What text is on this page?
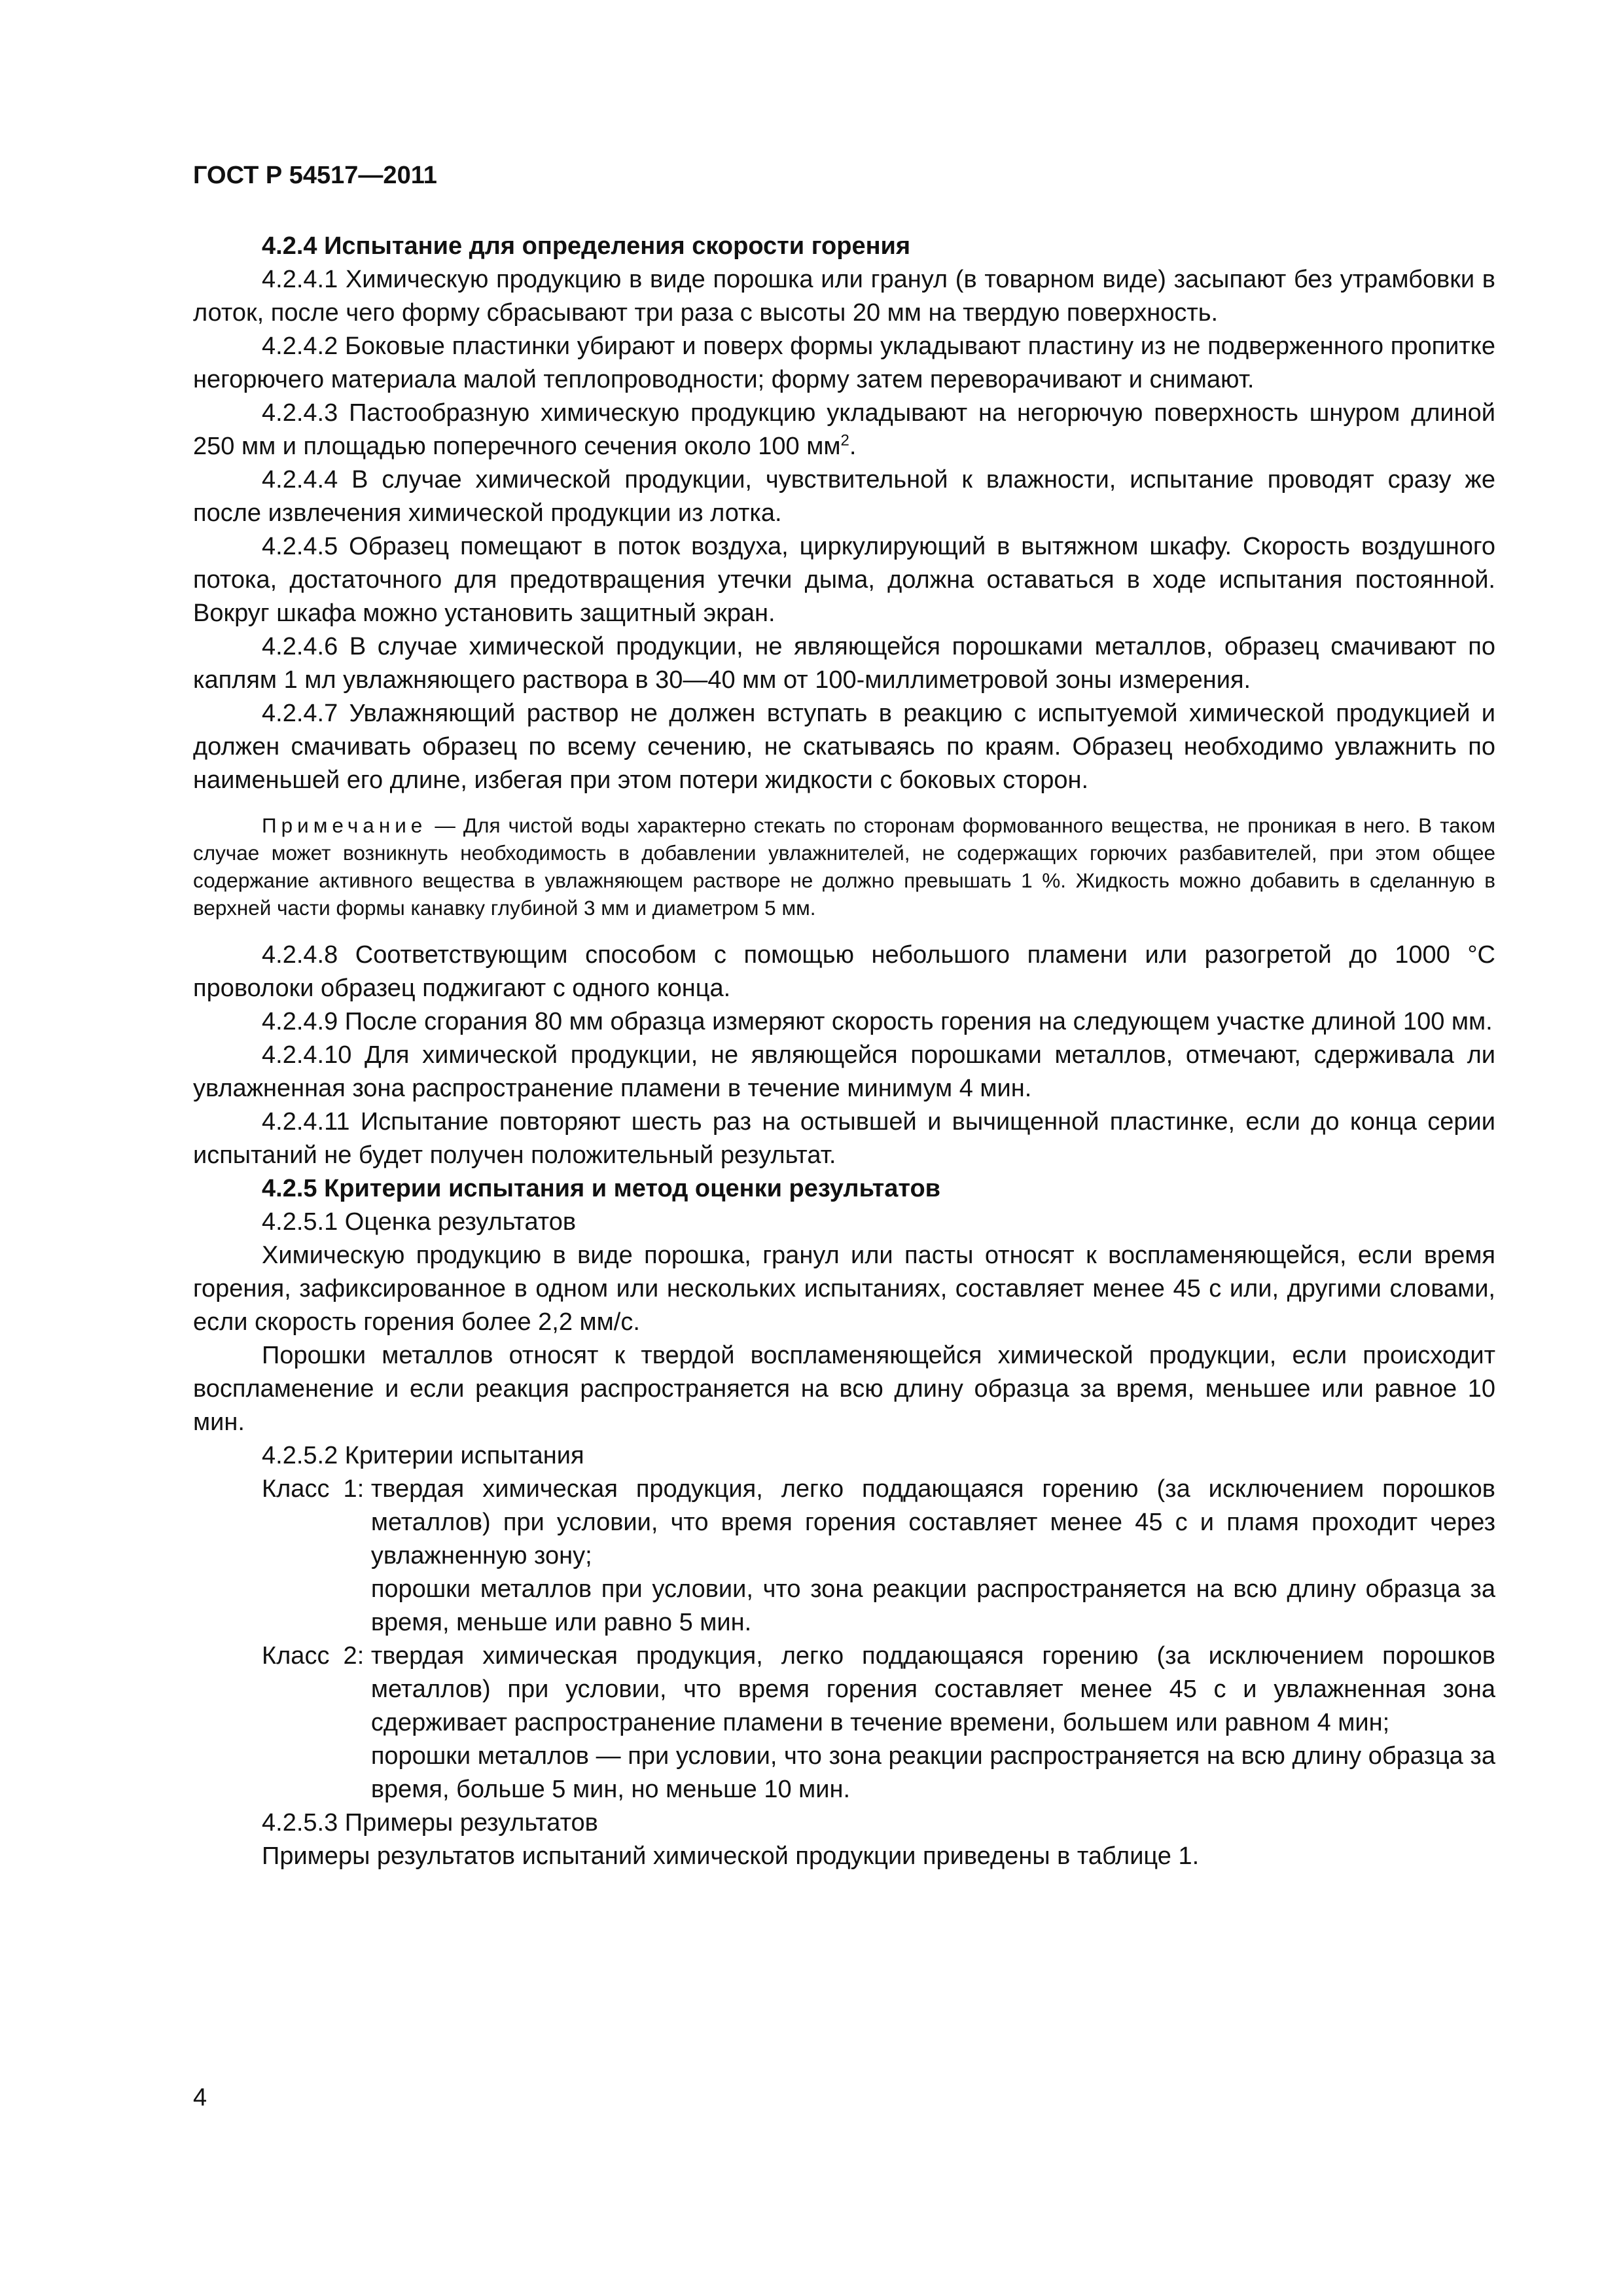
ГОСТ Р 54517—2011

4.2.4 Испытание для определения скорости горения

4.2.4.1 Химическую продукцию в виде порошка или гранул (в товарном виде) засыпают без утрамбовки в лоток, после чего форму сбрасывают три раза с высоты 20 мм на твердую поверхность.

4.2.4.2 Боковые пластинки убирают и поверх формы укладывают пластину из не подверженного пропитке негорючего материала малой теплопроводности; форму затем переворачивают и снимают.

4.2.4.3 Пастообразную химическую продукцию укладывают на негорючую поверхность шнуром длиной 250 мм и площадью поперечного сечения около 100 $мм^2$.

4.2.4.4 В случае химической продукции, чувствительной к влажности, испытание проводят сразу же после извлечения химической продукции из лотка.

4.2.4.5 Образец помещают в поток воздуха, циркулирующий в вытяжном шкафу. Скорость воздушного потока, достаточного для предотвращения утечки дыма, должна оставаться в ходе испытания постоянной. Вокруг шкафа можно установить защитный экран.

4.2.4.6 В случае химической продукции, не являющейся порошками металлов, образец смачивают по каплям 1 мл увлажняющего раствора в 30—40 мм от 100-миллиметровой зоны измерения.

4.2.4.7 Увлажняющий раствор не должен вступать в реакцию с испытуемой химической продукцией и должен смачивать образец по всему сечению, не скатываясь по краям. Образец необходимо увлажнить по наименьшей его длине, избегая при этом потери жидкости с боковых сторон.

Примечание — Для чистой воды характерно стекать по сторонам формованного вещества, не проникая в него. В таком случае может возникнуть необходимость в добавлении увлажнителей, не содержащих горючих разбавителей, при этом общее содержание активного вещества в увлажняющем растворе не должно превышать 1 %. Жидкость можно добавить в сделанную в верхней части формы канавку глубиной 3 мм и диаметром 5 мм.

4.2.4.8 Соответствующим способом с помощью небольшого пламени или разогретой до 1000 °С проволоки образец поджигают с одного конца.

4.2.4.9 После сгорания 80 мм образца измеряют скорость горения на следующем участке длиной 100 мм.

4.2.4.10 Для химической продукции, не являющейся порошками металлов, отмечают, сдерживала ли увлажненная зона распространение пламени в течение минимум 4 мин.

4.2.4.11 Испытание повторяют шесть раз на остывшей и вычищенной пластинке, если до конца серии испытаний не будет получен положительный результат.

4.2.5 Критерии испытания и метод оценки результатов

4.2.5.1 Оценка результатов

Химическую продукцию в виде порошка, гранул или пасты относят к воспламеняющейся, если время горения, зафиксированное в одном или нескольких испытаниях, составляет менее 45 с или, другими словами, если скорость горения более 2,2 мм/с.

Порошки металлов относят к твердой воспламеняющейся химической продукции, если происходит воспламенение и если реакция распространяется на всю длину образца за время, меньшее или равное 10 мин.

4.2.5.2 Критерии испытания

Класс  1: твердая химическая продукция, легко поддающаяся горению (за исключением порошков металлов) при условии, что время горения составляет менее 45 с и пламя проходит через увлажненную зону;

порошки металлов при условии, что зона реакции распространяется на всю длину образца за время, меньше или равно 5 мин.

Класс  2: твердая химическая продукция, легко поддающаяся горению (за исключением порошков металлов) при условии, что время горения составляет менее 45 с и увлажненная зона сдерживает распространение пламени в течение времени, большем или равном 4 мин;

порошки металлов — при условии, что зона реакции распространяется на всю длину образца за время, больше 5 мин, но меньше 10 мин.

4.2.5.3 Примеры результатов

Примеры результатов испытаний химической продукции приведены в таблице 1.

4
